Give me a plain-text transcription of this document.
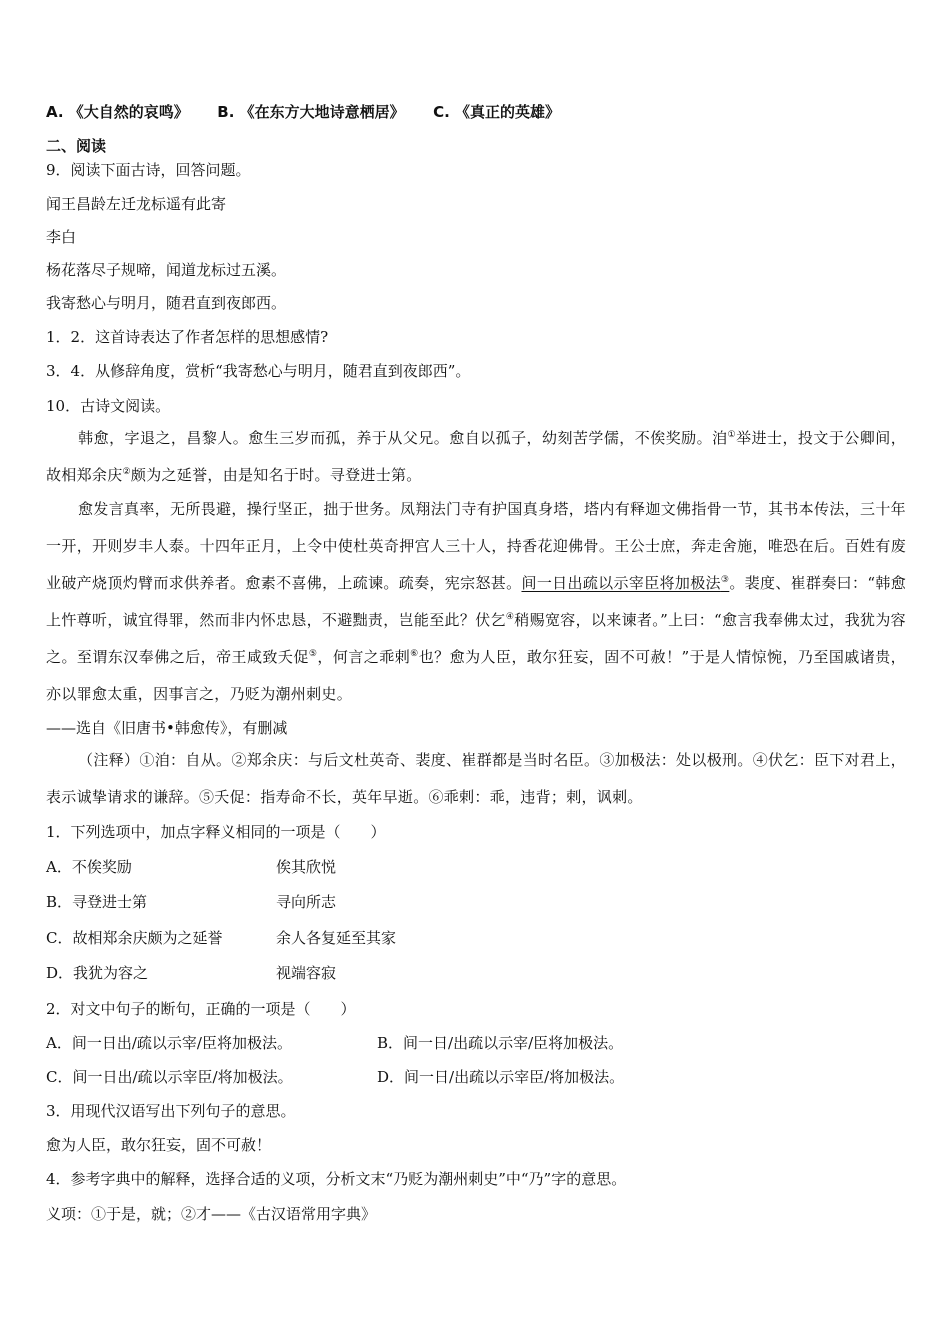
A. 《大自然的哀鸣》 B. 《在东方大地诗意栖居》 C. 《真正的英雄》
二、阅读
9．阅读下面古诗，回答问题。
闻王昌龄左迁龙标遥有此寄
李白
杨花落尽子规啼，闻道龙标过五溪。
我寄愁心与明月，随君直到夜郎西。
1．2．这首诗表达了作者怎样的思想感情?
3．4．从修辞角度，赏析“我寄愁心与明月，随君直到夜郎西”。
10．古诗文阅读。
韩愈，字退之，昌黎人。愈生三岁而孤，养于从父兄。愈自以孤子，幼刻苦学儒，不俟奖励。洎①举进士，投文于公卿间，故相郑余庆②颇为之延誉，由是知名于时。寻登进士第。
愈发言真率，无所畏避，操行坚正，拙于世务。凤翔法门寺有护国真身塔，塔内有释迦文佛指骨一节，其书本传法，三十年一开，开则岁丰人泰。十四年正月，上令中使杜英奇押宫人三十人，持香花迎佛骨。王公士庶，奔走舍施，唯恐在后。百姓有废业破产烧顶灼臂而求供养者。愈素不喜佛，上疏谏。疏奏，宪宗怒甚。间一日出疏以示宰臣将加极法③。裴度、崔群奏曰：“韩愈上忤尊听，诚宜得罪，然而非内怀忠恳，不避黜责，岂能至此？伏乞④稍赐宽容，以来谏者。”上曰：“愈言我奉佛太过，我犹为容之。至谓东汉奉佛之后，帝王咸致夭促⑤，何言之乖剌⑥也？愈为人臣，敢尔狂妄，固不可赦！”于是人情惊惋，乃至国戚诸贵，亦以罪愈太重，因事言之，乃贬为潮州刺史。
——选自《旧唐书•韩愈传》，有删减
（注释）①洎：自从。②郑余庆：与后文杜英奇、裴度、崔群都是当时名臣。③加极法：处以极刑。④伏乞：臣下对君上，表示诚挚请求的谦辞。⑤夭促：指寿命不长，英年早逝。⑥乖剌：乖，违背；剌，讽刺。
1．下列选项中，加点字释义相同的一项是（　　）
A．不俟奖励	俟其欣悦
B．寻登进士第	寻向所志
C．故相郑余庆颇为之延誉	余人各复延至其家
D．我犹为容之	视端容寂
2．对文中句子的断句，正确的一项是（　　）
A．间一日出/疏以示宰/臣将加极法。	B．间一日/出疏以示宰/臣将加极法。
C．间一日出/疏以示宰臣/将加极法。	D．间一日/出疏以示宰臣/将加极法。
3．用现代汉语写出下列句子的意思。
愈为人臣，敢尔狂妄，固不可赦！
4．参考字典中的解释，选择合适的义项，分析文末“乃贬为潮州刺史”中“乃”字的意思。
义项：①于是，就；②才——《古汉语常用字典》
